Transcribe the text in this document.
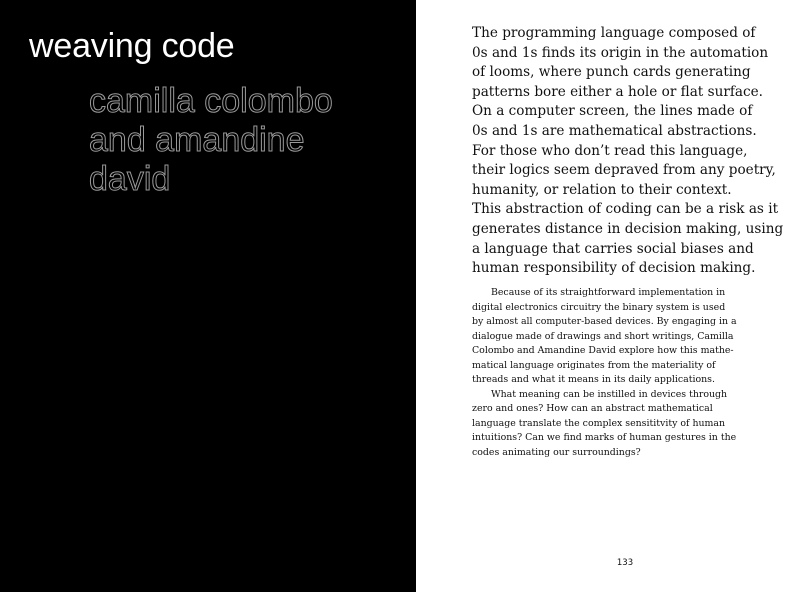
weaving code
camilla colombo
and amandine
david
The programming language composed of
0s and 1s finds its origin in the automation
of looms, where punch cards generating
patterns bore either a hole or flat surface.
On a computer screen, the lines made of
0s and 1s are mathematical abstractions.
For those who don’t read this language,
their logics seem depraved from any poetry,
humanity, or relation to their context.
This abstraction of coding can be a risk as it
generates distance in decision making, using
a language that carries social biases and
human responsibility of decision making.
Because of its straightforward implementation in
digital electronics circuitry the binary system is used
by almost all computer-based devices. By engaging in a
dialogue made of drawings and short writings, Camilla
Colombo and Amandine David explore how this mathe-
matical language originates from the materiality of
threads and what it means in its daily applications.
What meaning can be instilled in devices through
zero and ones? How can an abstract mathematical
language translate the complex sensititvity of human
intuitions? Can we find marks of human gestures in the
codes animating our surroundings?
133
